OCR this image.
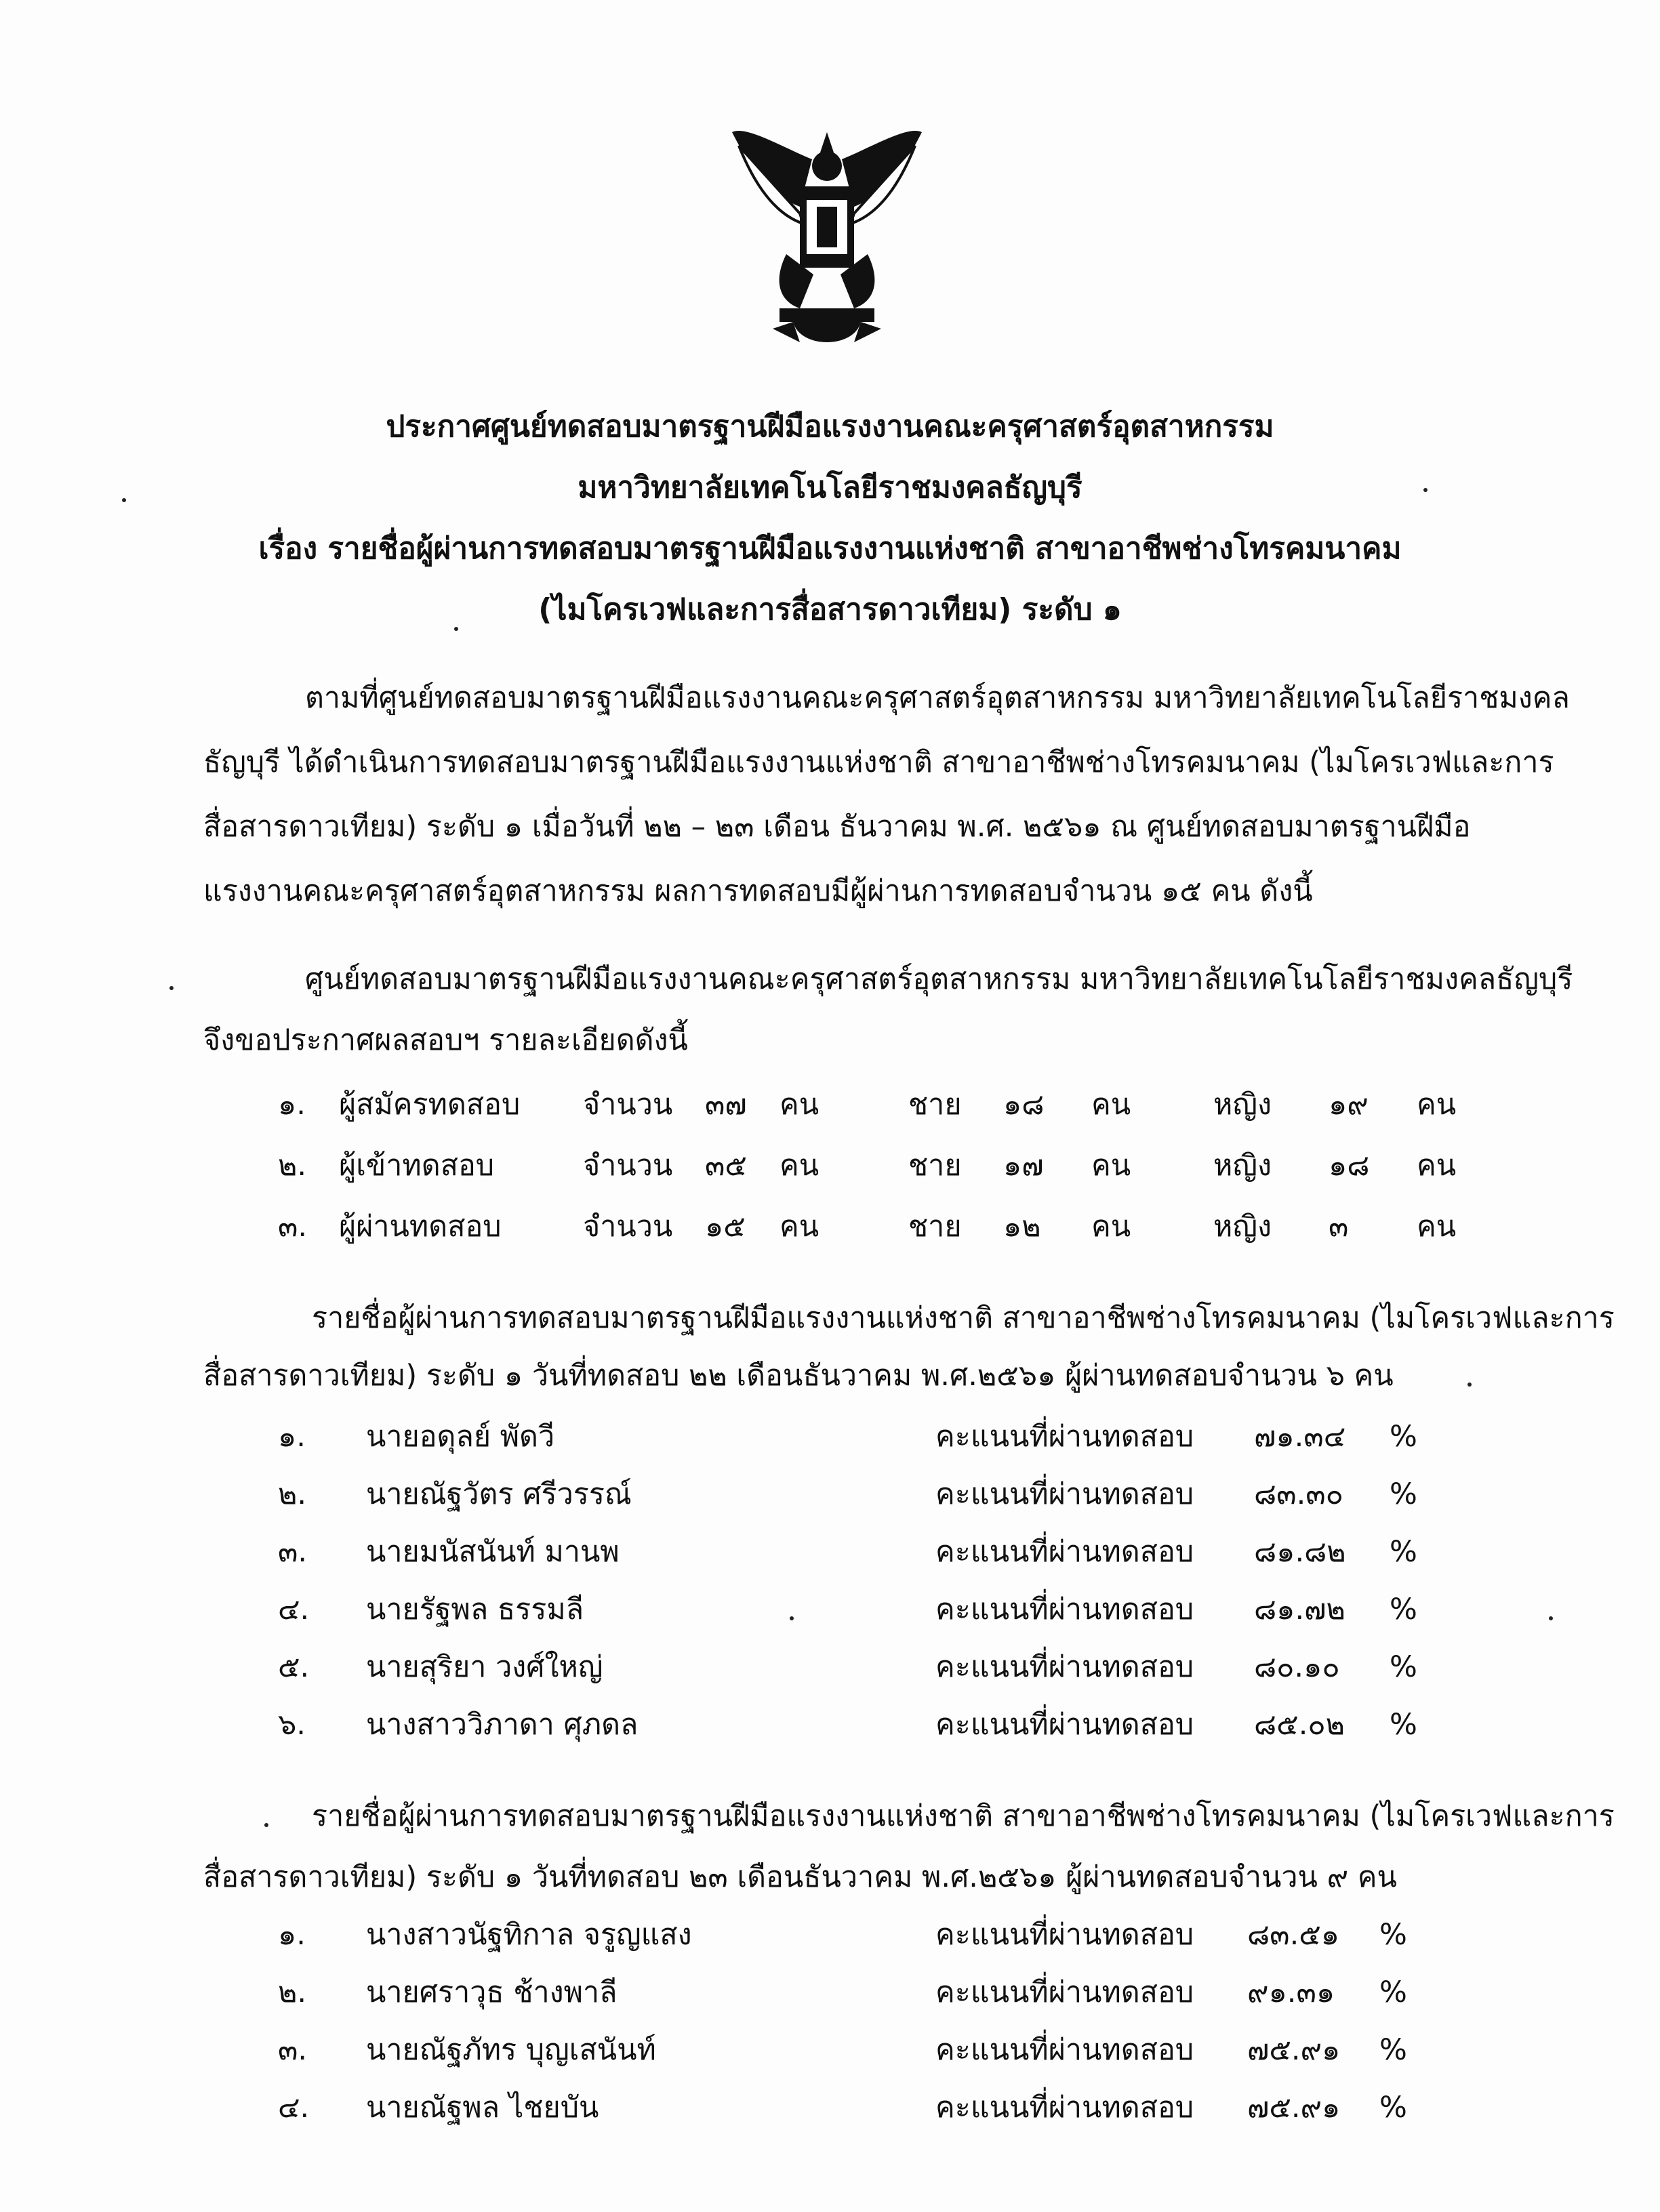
ประกาศศูนย์ทดสอบมาตรฐานฝีมือแรงงานคณะครุศาสตร์อุตสาหกรรม
มหาวิทยาลัยเทคโนโลยีราชมงคลธัญบุรี
เรื่อง รายชื่อผู้ผ่านการทดสอบมาตรฐานฝีมือแรงงานแห่งชาติ สาขาอาชีพช่างโทรคมนาคม
(ไมโครเวฟและการสื่อสารดาวเทียม) ระดับ ๑
ตามที่ศูนย์ทดสอบมาตรฐานฝีมือแรงงานคณะครุศาสตร์อุตสาหกรรม มหาวิทยาลัยเทคโนโลยีราชมงคล
ธัญบุรี ได้ดำเนินการทดสอบมาตรฐานฝีมือแรงงานแห่งชาติ สาขาอาชีพช่างโทรคมนาคม (ไมโครเวฟและการ
สื่อสารดาวเทียม) ระดับ ๑ เมื่อวันที่ ๒๒ – ๒๓ เดือน ธันวาคม พ.ศ. ๒๕๖๑ ณ ศูนย์ทดสอบมาตรฐานฝีมือ
แรงงานคณะครุศาสตร์อุตสาหกรรม ผลการทดสอบมีผู้ผ่านการทดสอบจำนวน ๑๕ คน ดังนี้
ศูนย์ทดสอบมาตรฐานฝีมือแรงงานคณะครุศาสตร์อุตสาหกรรม มหาวิทยาลัยเทคโนโลยีราชมงคลธัญบุรี
จึงขอประกาศผลสอบฯ รายละเอียดดังนี้
๑. ผู้สมัครทดสอบ จำนวน ๓๗ คน	ชาย ๑๘ คน	หญิง ๑๙ คน
๒. ผู้เข้าทดสอบ	จำนวน ๓๕ คน	ชาย ๑๗ คน	หญิง ๑๘ คน
๓. ผู้ผ่านทดสอบ	จำนวน ๑๕ คน	ชาย ๑๒ คน	หญิง ๓ คน
รายชื่อผู้ผ่านการทดสอบมาตรฐานฝีมือแรงงานแห่งชาติ สาขาอาชีพช่างโทรคมนาคม (ไมโครเวฟและการ
สื่อสารดาวเทียม) ระดับ ๑ วันที่ทดสอบ ๒๒ เดือนธันวาคม พ.ศ.๒๕๖๑ ผู้ผ่านทดสอบจำนวน ๖ คน
๑. นายอดุลย์ พัดวี	คะแนนที่ผ่านทดสอบ ๗๑.๓๔ %
๒. นายณัฐวัตร ศรีวรรณ์	คะแนนที่ผ่านทดสอบ ๘๓.๓๐ %
๓. นายมนัสนันท์ มานพ	คะแนนที่ผ่านทดสอบ ๘๑.๘๒ %
๔. นายรัฐพล ธรรมลี	คะแนนที่ผ่านทดสอบ ๘๑.๗๒ %
๕. นายสุริยา วงศ์ใหญ่	คะแนนที่ผ่านทดสอบ ๘๐.๑๐ %
๖. นางสาววิภาดา ศุภดล	คะแนนที่ผ่านทดสอบ ๘๕.๐๒ %
รายชื่อผู้ผ่านการทดสอบมาตรฐานฝีมือแรงงานแห่งชาติ สาขาอาชีพช่างโทรคมนาคม (ไมโครเวฟและการ
สื่อสารดาวเทียม) ระดับ ๑ วันที่ทดสอบ ๒๓ เดือนธันวาคม พ.ศ.๒๕๖๑ ผู้ผ่านทดสอบจำนวน ๙ คน
๑. นางสาวนัฐทิกาล จรูญแสง	คะแนนที่ผ่านทดสอบ ๘๓.๕๑ %
๒. นายศราวุธ ช้างพาลี	คะแนนที่ผ่านทดสอบ ๙๑.๓๑ %
๓. นายณัฐภัทร บุญเสนันท์	คะแนนที่ผ่านทดสอบ ๗๕.๙๑ %
๔. นายณัฐพล ไชยบัน	คะแนนที่ผ่านทดสอบ ๗๕.๙๑ %
